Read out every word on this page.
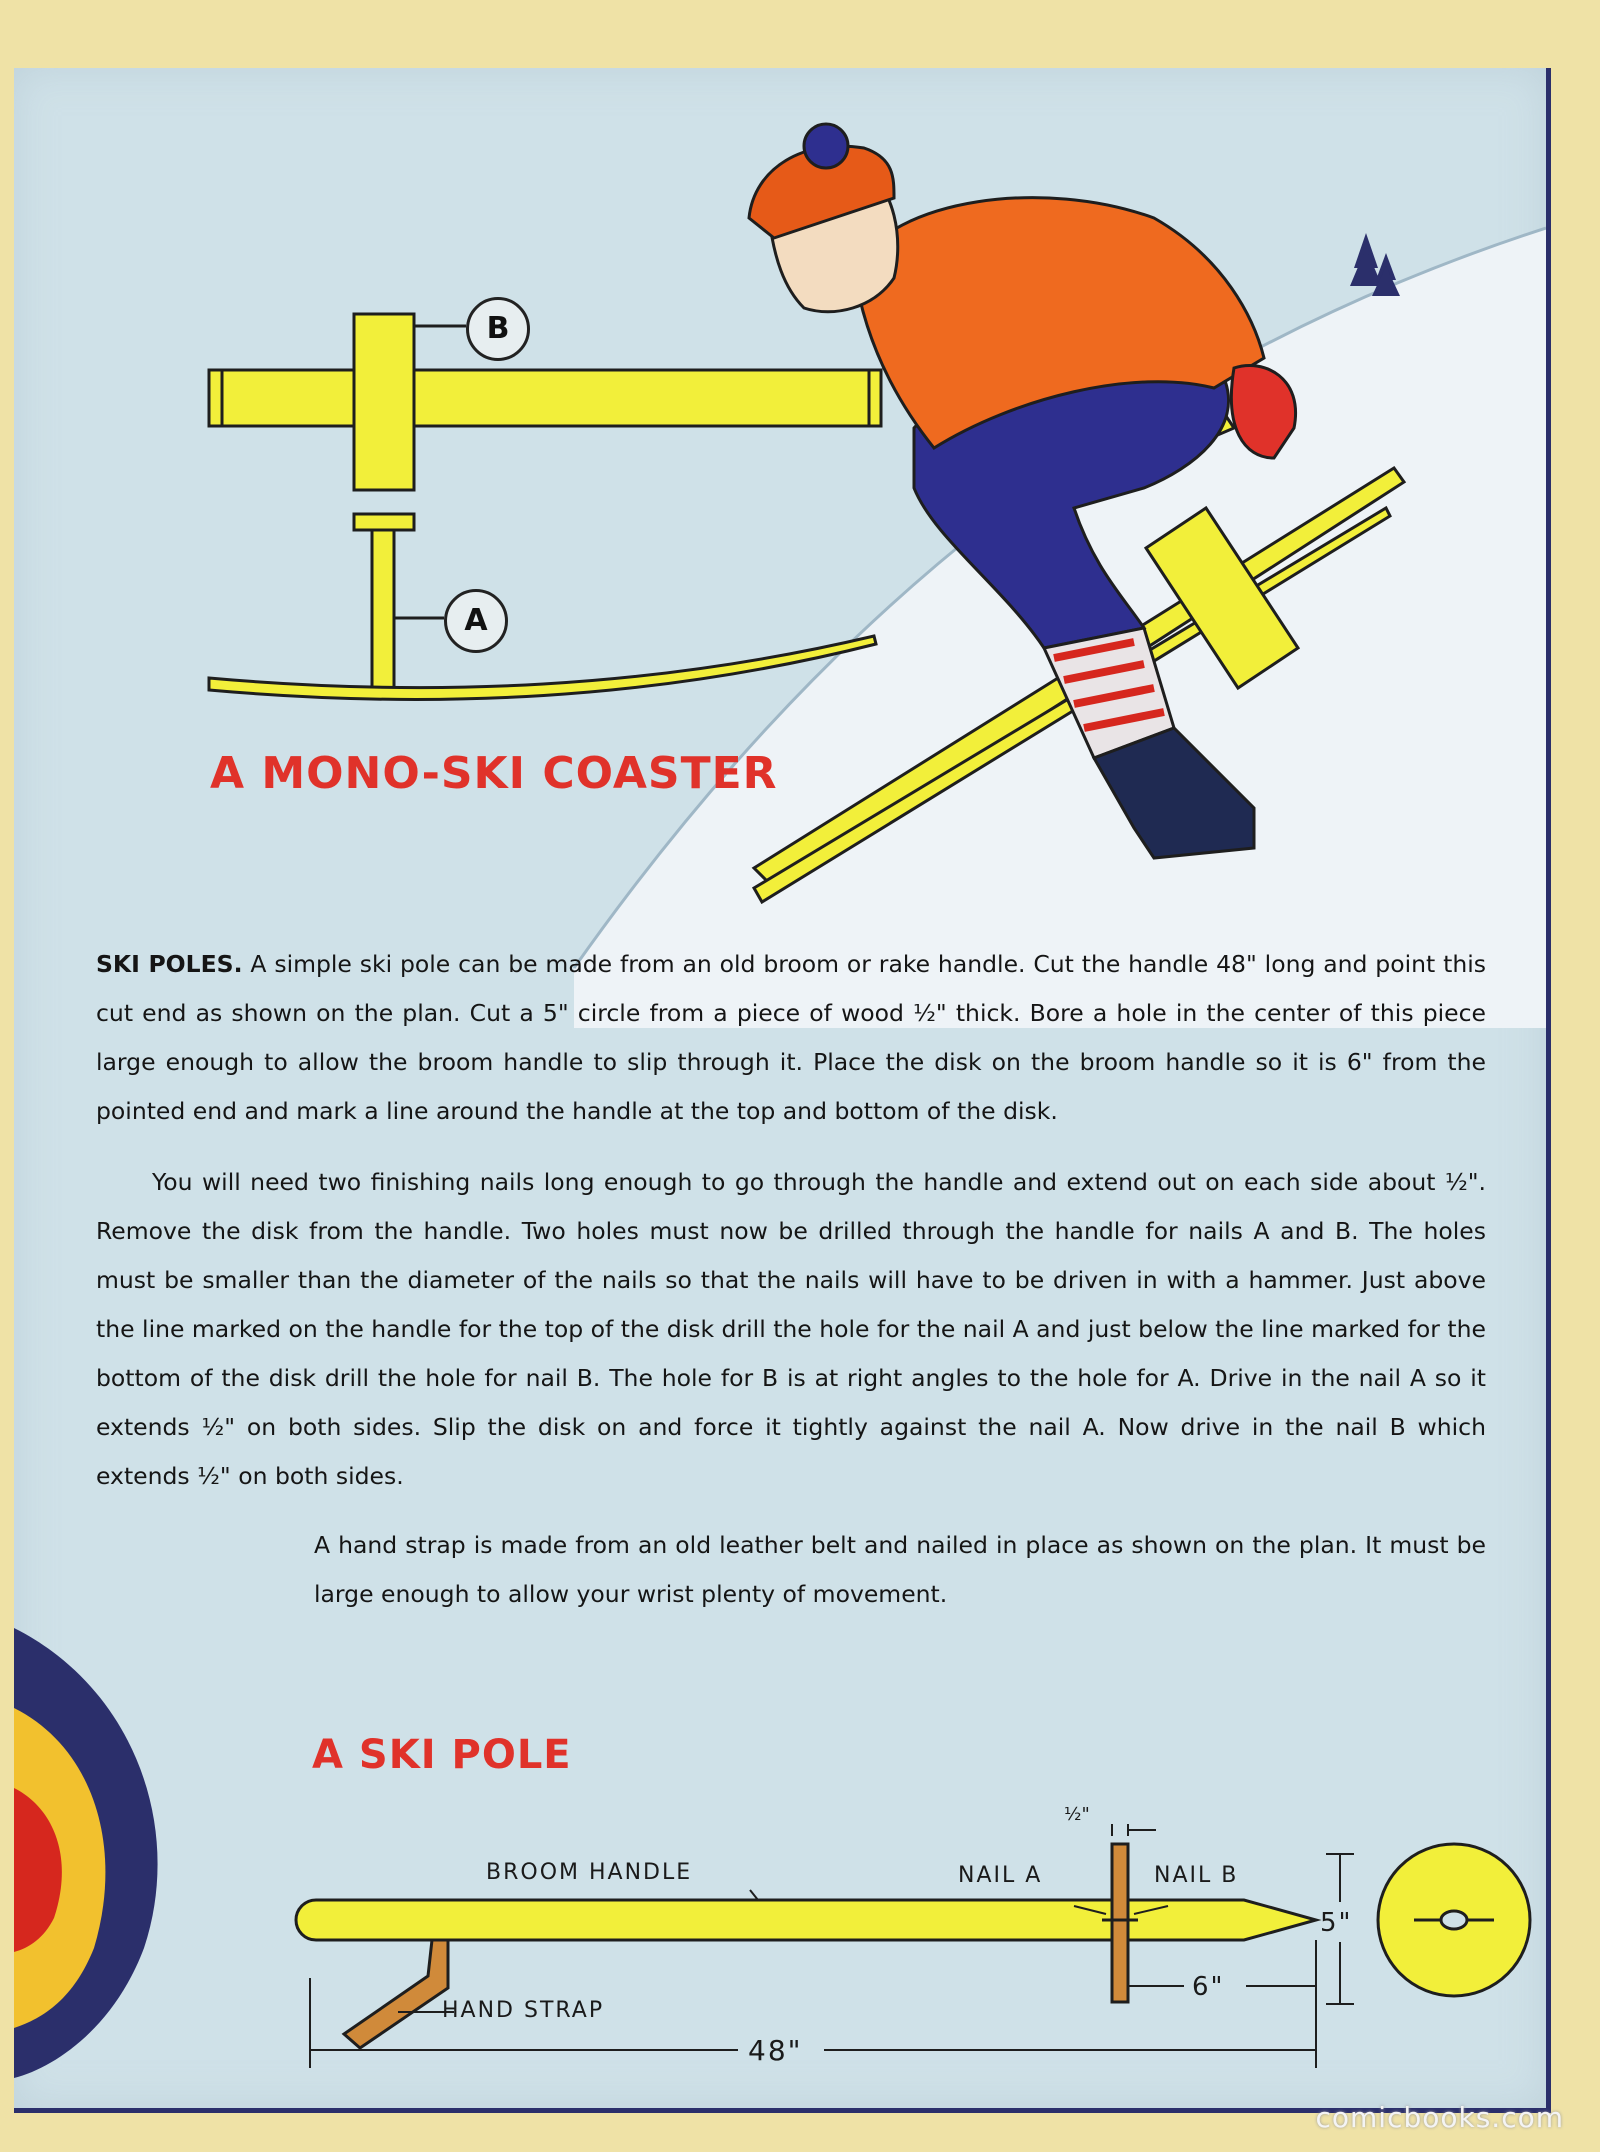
B
A
A MONO-SKI COASTER

SKI POLES. A simple ski pole can be made from an old broom or rake handle. Cut the handle 48" long and point this cut end as shown on the plan. Cut a 5" circle from a piece of wood ½" thick. Bore a hole in the center of this piece large enough to allow the broom handle to slip through it. Place the disk on the broom handle so it is 6" from the pointed end and mark a line around the handle at the top and bottom of the disk.

You will need two finishing nails long enough to go through the handle and extend out on each side about ½". Remove the disk from the handle. Two holes must now be drilled through the handle for nails A and B. The holes must be smaller than the diameter of the nails so that the nails will have to be driven in with a hammer. Just above the line marked on the handle for the top of the disk drill the hole for the nail A and just below the line marked for the bottom of the disk drill the hole for nail B. The hole for B is at right angles to the hole for A. Drive in the nail A so it extends ½" on both sides. Slip the disk on and force it tightly against the nail A. Now drive in the nail B which extends ½" on both sides.

A hand strap is made from an old leather belt and nailed in place as shown on the plan. It must be large enough to allow your wrist plenty of movement.

A SKI POLE
BROOM HANDLE	NAIL A	NAIL B
HAND STRAP
½"
5"
6"
48"
comicbooks.com
